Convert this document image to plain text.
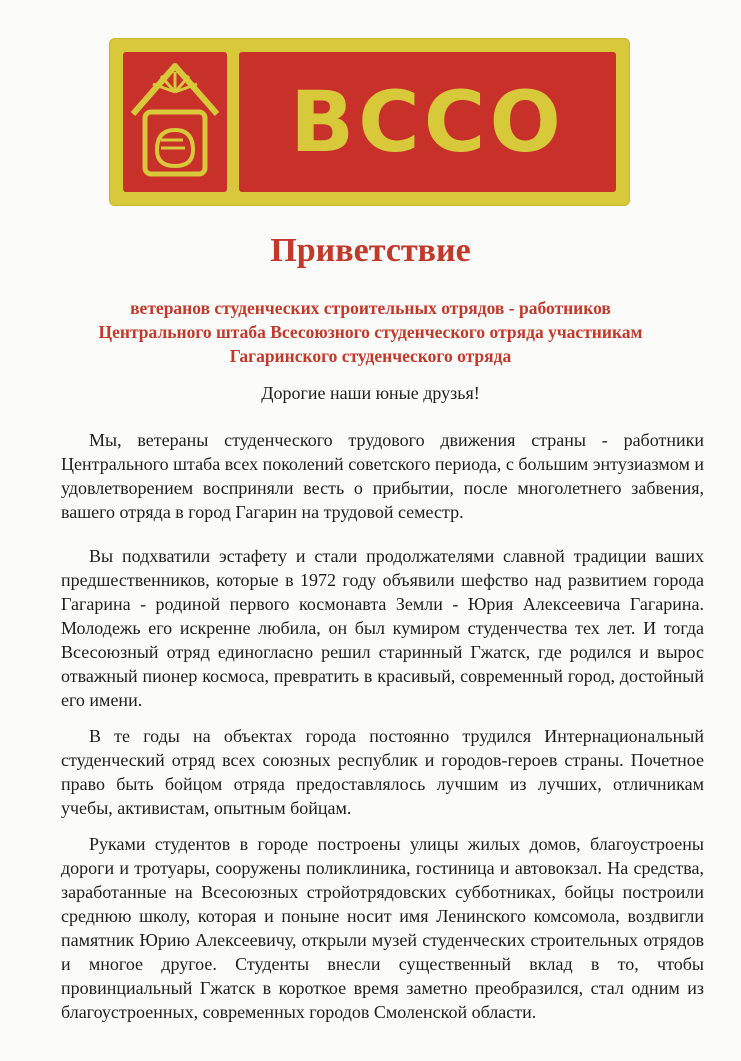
ВССО
Приветствие
ветеранов студенческих строительных отрядов - работников
Центрального штаба Всесоюзного студенческого отряда участникам
Гагаринского студенческого отряда
Дорогие наши юные друзья!

Мы, ветераны студенческого трудового движения страны - работники Центрального штаба всех поколений советского периода, с большим энтузиазмом и удовлетворением восприняли весть о прибытии, после многолетнего забвения, вашего отряда в город Гагарин на трудовой семестр.

Вы подхватили эстафету и стали продолжателями славной традиции ваших предшественников, которые в 1972 году объявили шефство над развитием города Гагарина - родиной первого космонавта Земли - Юрия Алексеевича Гагарина. Молодежь его искренне любила, он был кумиром студенчества тех лет. И тогда Всесоюзный отряд единогласно решил старинный Гжатск, где родился и вырос отважный пионер космоса, превратить в красивый, современный город, достойный его имени.

В те годы на объектах города постоянно трудился Интернациональный студенческий отряд всех союзных республик и городов-героев страны. Почетное право быть бойцом отряда предоставлялось лучшим из лучших, отличникам учебы, активистам, опытным бойцам.

Руками студентов в городе построены улицы жилых домов, благоустроены дороги и тротуары, сооружены поликлиника, гостиница и автовокзал. На средства, заработанные на Всесоюзных стройотрядовских субботниках, бойцы построили среднюю школу, которая и поныне носит имя Ленинского комсомола, воздвигли памятник Юрию Алексеевичу, открыли музей студенческих строительных отрядов и многое другое. Студенты внесли существенный вклад в то, чтобы провинциальный Гжатск в короткое время заметно преобразился, стал одним из благоустроенных, современных городов Смоленской области.
